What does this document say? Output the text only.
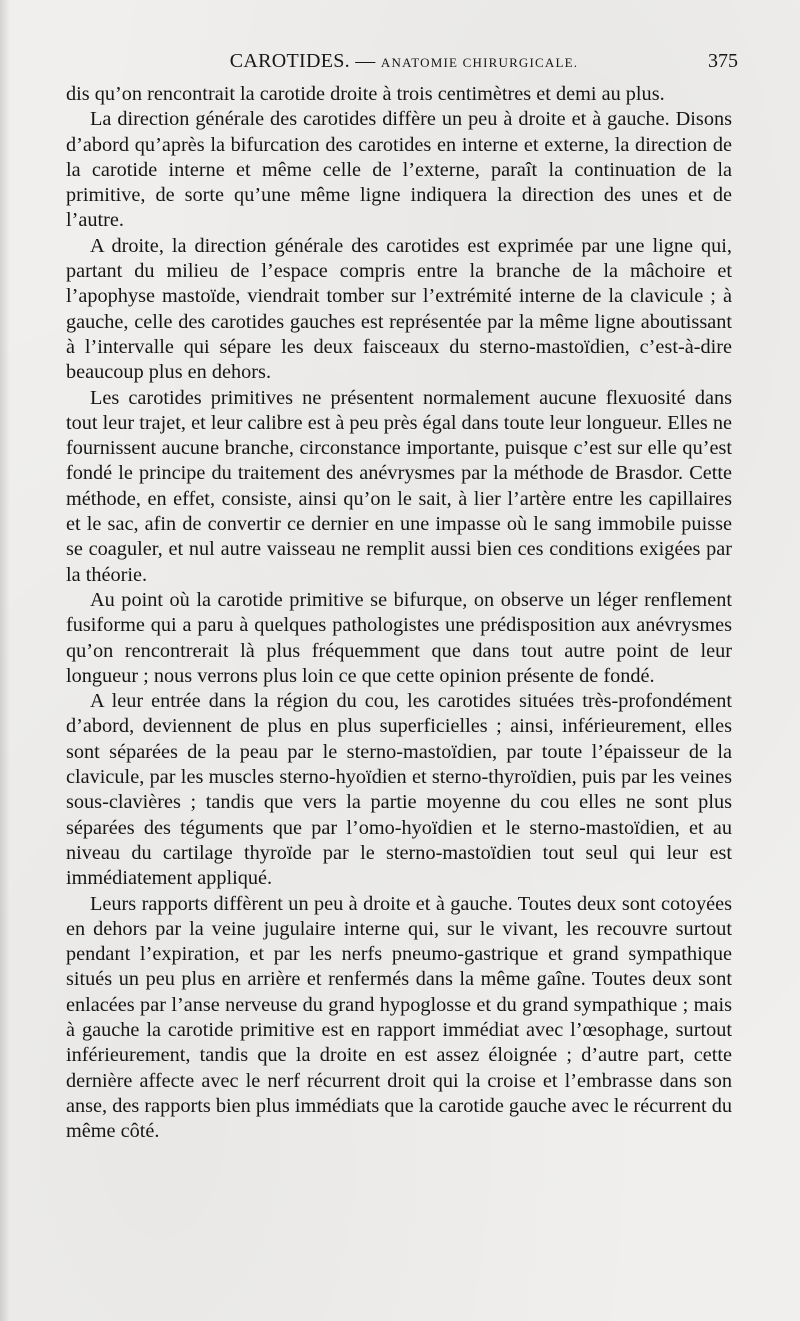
CAROTIDES. — ANATOMIE CHIRURGICALE.	375

dis qu’on rencontrait la carotide droite à trois centimètres et demi au plus.

La direction générale des carotides diffère un peu à droite et à gauche. Disons d’abord qu’après la bifurcation des carotides en interne et externe, la direction de la carotide interne et même celle de l’externe, paraît la continuation de la primitive, de sorte qu’une même ligne indiquera la direction des unes et de l’autre.

A droite, la direction générale des carotides est exprimée par une ligne qui, partant du milieu de l’espace compris entre la branche de la mâchoire et l’apophyse mastoïde, viendrait tomber sur l’extrémité interne de la clavicule ; à gauche, celle des carotides gauches est représentée par la même ligne aboutissant à l’intervalle qui sépare les deux faisceaux du sterno-mastoïdien, c’est-à-dire beaucoup plus en dehors.

Les carotides primitives ne présentent normalement aucune flexuosité dans tout leur trajet, et leur calibre est à peu près égal dans toute leur longueur. Elles ne fournissent aucune branche, circonstance importante, puisque c’est sur elle qu’est fondé le principe du traitement des anévrysmes par la méthode de Brasdor. Cette méthode, en effet, consiste, ainsi qu’on le sait, à lier l’artère entre les capillaires et le sac, afin de convertir ce dernier en une impasse où le sang immobile puisse se coaguler, et nul autre vaisseau ne remplit aussi bien ces conditions exigées par la théorie.

Au point où la carotide primitive se bifurque, on observe un léger renflement fusiforme qui a paru à quelques pathologistes une prédisposition aux anévrysmes qu’on rencontrerait là plus fréquemment que dans tout autre point de leur longueur ; nous verrons plus loin ce que cette opinion présente de fondé.

A leur entrée dans la région du cou, les carotides situées très-profondément d’abord, deviennent de plus en plus superficielles ; ainsi, inférieurement, elles sont séparées de la peau par le sterno-mastoïdien, par toute l’épaisseur de la clavicule, par les muscles sterno-hyoïdien et sterno-thyroïdien, puis par les veines sous-clavières ; tandis que vers la partie moyenne du cou elles ne sont plus séparées des téguments que par l’omo-hyoïdien et le sterno-mastoïdien, et au niveau du cartilage thyroïde par le sterno-mastoïdien tout seul qui leur est immédiatement appliqué.

Leurs rapports diffèrent un peu à droite et à gauche. Toutes deux sont cotoyées en dehors par la veine jugulaire interne qui, sur le vivant, les recouvre surtout pendant l’expiration, et par les nerfs pneumo-gastrique et grand sympathique situés un peu plus en arrière et renfermés dans la même gaîne. Toutes deux sont enlacées par l’anse nerveuse du grand hypoglosse et du grand sympathique ; mais à gauche la carotide primitive est en rapport immédiat avec l’œsophage, surtout inférieurement, tandis que la droite en est assez éloignée ; d’autre part, cette dernière affecte avec le nerf récurrent droit qui la croise et l’embrasse dans son anse, des rapports bien plus immédiats que la carotide gauche avec le récurrent du même côté.
